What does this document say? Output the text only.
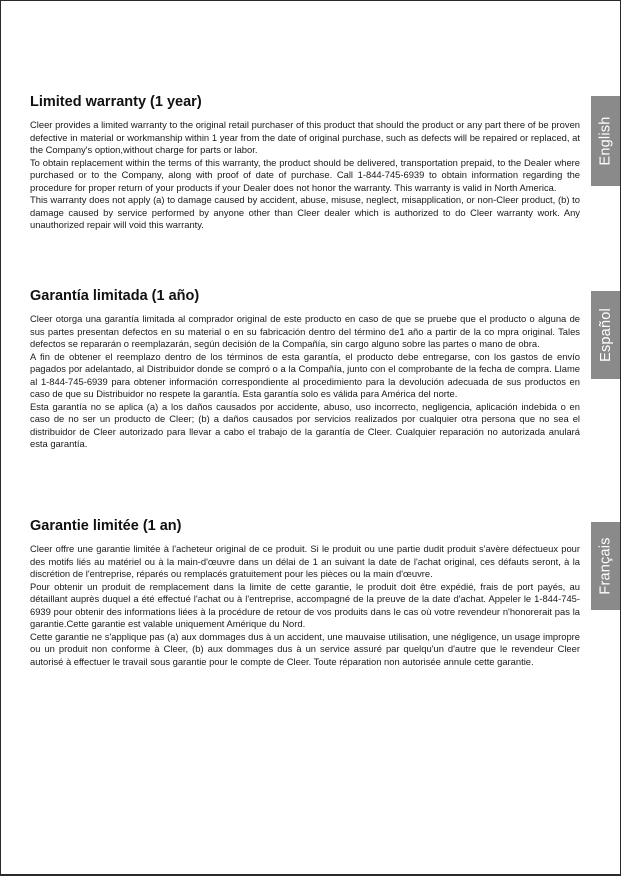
Limited warranty (1 year)

Cleer provides a limited warranty to the original retail purchaser of this product that should the product or any part there of be proven defective in material or workmanship within 1 year from the date of original purchase, such as defects will be repaired or replaced, at the Company's option,without charge for parts or labor.

To obtain replacement within the terms of this warranty, the product should be delivered, transportation prepaid, to the Dealer where purchased or to the Company, along with proof of date of purchase. Call 1-844-745-6939 to obtain information regarding the procedure for proper return of your products if your Dealer does not honor the warranty. This warranty is valid in North America.

This warranty does not apply (a) to damage caused by accident, abuse, misuse, neglect, misapplication, or non-Cleer product, (b) to damage caused by service performed by anyone other than Cleer dealer which is authorized to do Cleer warranty work. Any unauthorized repair will void this warranty.

Garantía limitada (1 año)

Cleer otorga una garantía limitada al comprador original de este producto en caso de que se pruebe que el producto o alguna de sus partes presentan defectos en su material o en su fabricación dentro del término de1 año a partir de la co mpra original. Tales defectos se repararán o reemplazarán, según decisión de la Compañía, sin cargo alguno sobre las partes o mano de obra.

A fin de obtener el reemplazo dentro de los términos de esta garantía, el producto debe entregarse, con los gastos de envío pagados por adelantado, al Distribuidor donde se compró o a la Compañía, junto con el comprobante de la fecha de compra. Llame al 1-844-745-6939 para obtener información correspondiente al procedimiento para la devolución adecuada de sus productos en caso de que su Distribuidor no respete la garantía. Esta garantía solo es válida para América del norte.

Esta garantía no se aplica (a) a los daños causados por accidente, abuso, uso incorrecto, negligencia, aplicación indebida o en caso de no ser un producto de Cleer; (b) a daños causados por servicios realizados por cualquier otra persona que no sea el distribuidor de Cleer autorizado para llevar a cabo el trabajo de la garantía de Cleer. Cualquier reparación no autorizada anulará esta garantía.

Garantie limitée (1 an)

Cleer offre une garantie limitée à l'acheteur original de ce produit. Si le produit ou une partie dudit produit s'avère défectueux pour des motifs liés au matériel ou à la main-d'œuvre dans un délai de 1 an suivant la date de l'achat original, ces défauts seront, à la discrétion de l'entreprise, réparés ou remplacés gratuitement pour les pièces ou la main d'œuvre.

Pour obtenir un produit de remplacement dans la limite de cette garantie, le produit doit être expédié, frais de port payés, au détaillant auprès duquel a été effectué l'achat ou à l'entreprise, accompagné de la preuve de la date d'achat. Appeler le 1-844-745-6939 pour obtenir des informations liées à la procédure de retour de vos produits dans le cas où votre revendeur n'honorerait pas la garantie.Cette garantie est valable uniquement Amérique du Nord.

Cette garantie ne s'applique pas (a) aux dommages dus à un accident, une mauvaise utilisation, une négligence, un usage impropre ou un produit non conforme à Cleer, (b) aux dommages dus à un service assuré par quelqu'un d'autre que le revendeur Cleer autorisé à effectuer le travail sous garantie pour le compte de Cleer. Toute réparation non autorisée annule cette garantie.

English
Español
Français
